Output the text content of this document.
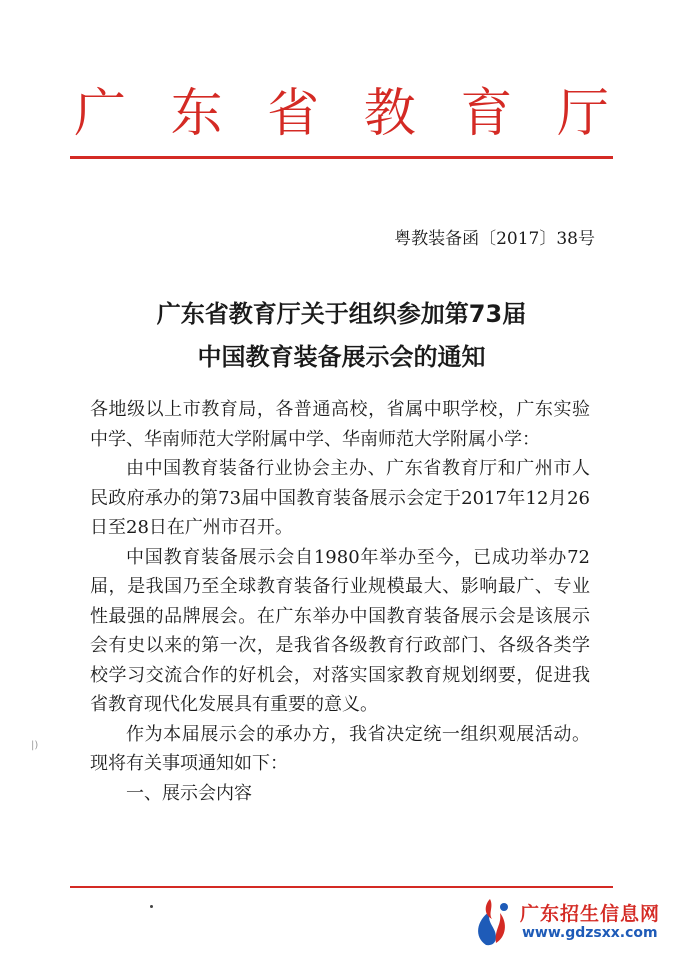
广 东 省 教 育 厅
粤教装备函〔2017〕38号
广东省教育厅关于组织参加第73届
中国教育装备展示会的通知

各地级以上市教育局，各普通高校，省属中职学校，广东实验中学、华南师范大学附属中学、华南师范大学附属小学：

由中国教育装备行业协会主办、广东省教育厅和广州市人民政府承办的第73届中国教育装备展示会定于2017年12月26日至28日在广州市召开。

中国教育装备展示会自1980年举办至今，已成功举办72届，是我国乃至全球教育装备行业规模最大、影响最广、专业性最强的品牌展会。在广东举办中国教育装备展示会是该展示会有史以来的第一次，是我省各级教育行政部门、各级各类学校学习交流合作的好机会，对落实国家教育规划纲要，促进我省教育现代化发展具有重要的意义。

作为本届展示会的承办方，我省决定统一组织观展活动。现将有关事项通知如下：

一、展示会内容

|)
广东招生信息网
www.gdzsxx.com
